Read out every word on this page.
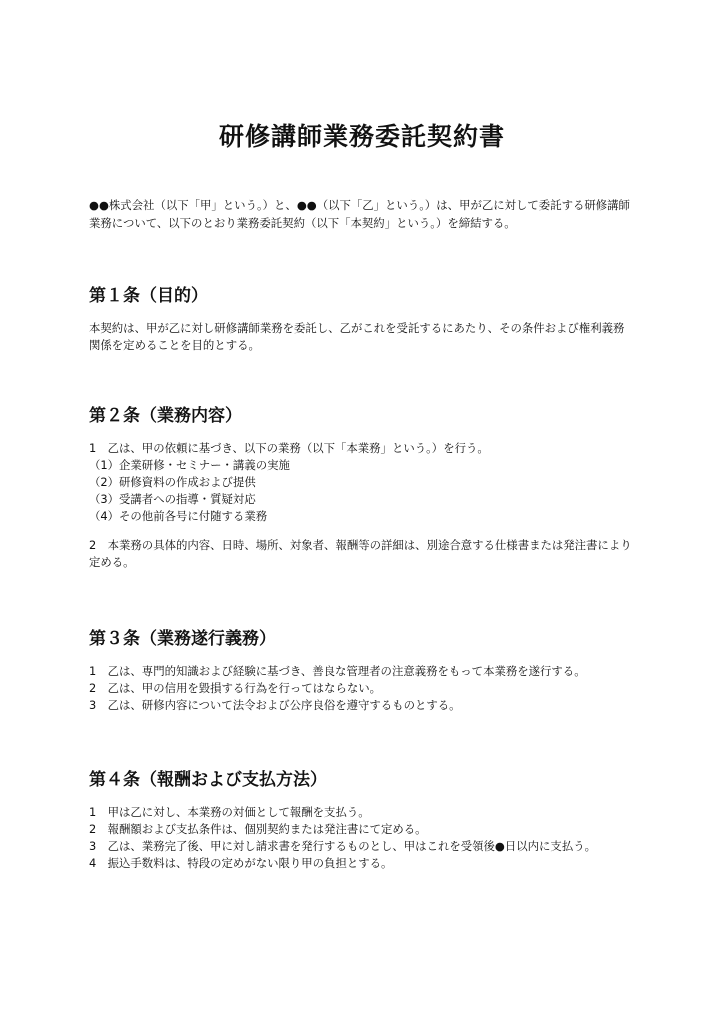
研修講師業務委託契約書

●●株式会社（以下「甲」という。）と、●●（以下「乙」という。）は、甲が乙に対して委託する研修講師業務について、以下のとおり業務委託契約（以下「本契約」という。）を締結する。

第１条（目的）

本契約は、甲が乙に対し研修講師業務を委託し、乙がこれを受託するにあたり、その条件および権利義務関係を定めることを目的とする。

第２条（業務内容）

1　乙は、甲の依頼に基づき、以下の業務（以下「本業務」という。）を行う。

（1）企業研修・セミナー・講義の実施

（2）研修資料の作成および提供

（3）受講者への指導・質疑対応

（4）その他前各号に付随する業務

2　本業務の具体的内容、日時、場所、対象者、報酬等の詳細は、別途合意する仕様書または発注書により定める。

第３条（業務遂行義務）

1　乙は、専門的知識および経験に基づき、善良な管理者の注意義務をもって本業務を遂行する。

2　乙は、甲の信用を毀損する行為を行ってはならない。

3　乙は、研修内容について法令および公序良俗を遵守するものとする。

第４条（報酬および支払方法）

1　甲は乙に対し、本業務の対価として報酬を支払う。

2　報酬額および支払条件は、個別契約または発注書にて定める。

3　乙は、業務完了後、甲に対し請求書を発行するものとし、甲はこれを受領後●日以内に支払う。

4　振込手数料は、特段の定めがない限り甲の負担とする。
